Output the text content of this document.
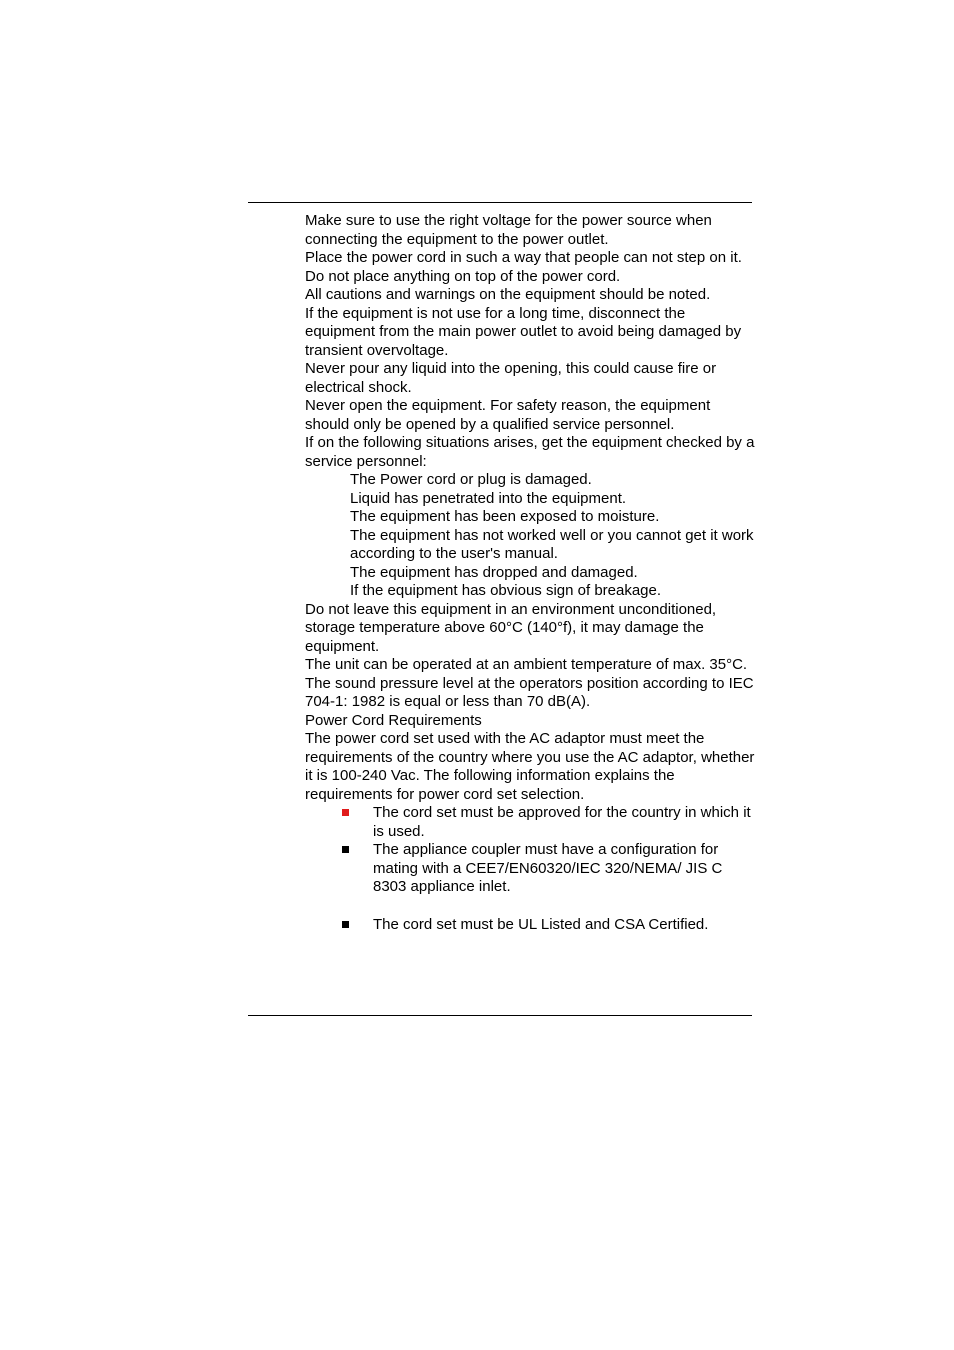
Make sure to use the right voltage for the power source when connecting the equipment to the power outlet.

Place the power cord in such a way that people can not step on it. Do not place anything on top of the power cord.

All cautions and warnings on the equipment should be noted.

If the equipment is not use for a long time, disconnect the equipment from the main power outlet to avoid being damaged by transient overvoltage.

Never pour any liquid into the opening, this could cause fire or electrical shock.

Never open the equipment. For safety reason, the equipment should only be opened by a qualified service personnel.

If on the following situations arises, get the equipment checked by a service personnel:

The Power cord or plug is damaged.

Liquid has penetrated into the equipment.

The equipment has been exposed to moisture.

The equipment has not worked well or you cannot get it work according to the user's manual.

The equipment has dropped and damaged.

If the equipment has obvious sign of breakage.

Do not leave this equipment in an environment unconditioned, storage temperature above 60°C (140°f), it may damage the equipment.

The unit can be operated at an ambient temperature of max. 35°C.

The sound pressure level at the operators position according to IEC 704-1: 1982 is equal or less than 70 dB(A).

Power Cord Requirements

The power cord set used with the AC adaptor must meet the requirements of the country where you use the AC adaptor, whether it is 100-240 Vac. The following information explains the requirements for power cord set selection.

The cord set must be approved for the country in which it is used.
The appliance coupler must have a configuration for mating with a CEE7/EN60320/IEC 320/NEMA/ JIS C 8303 appliance inlet.
The cord set must be UL Listed and CSA Certified.
